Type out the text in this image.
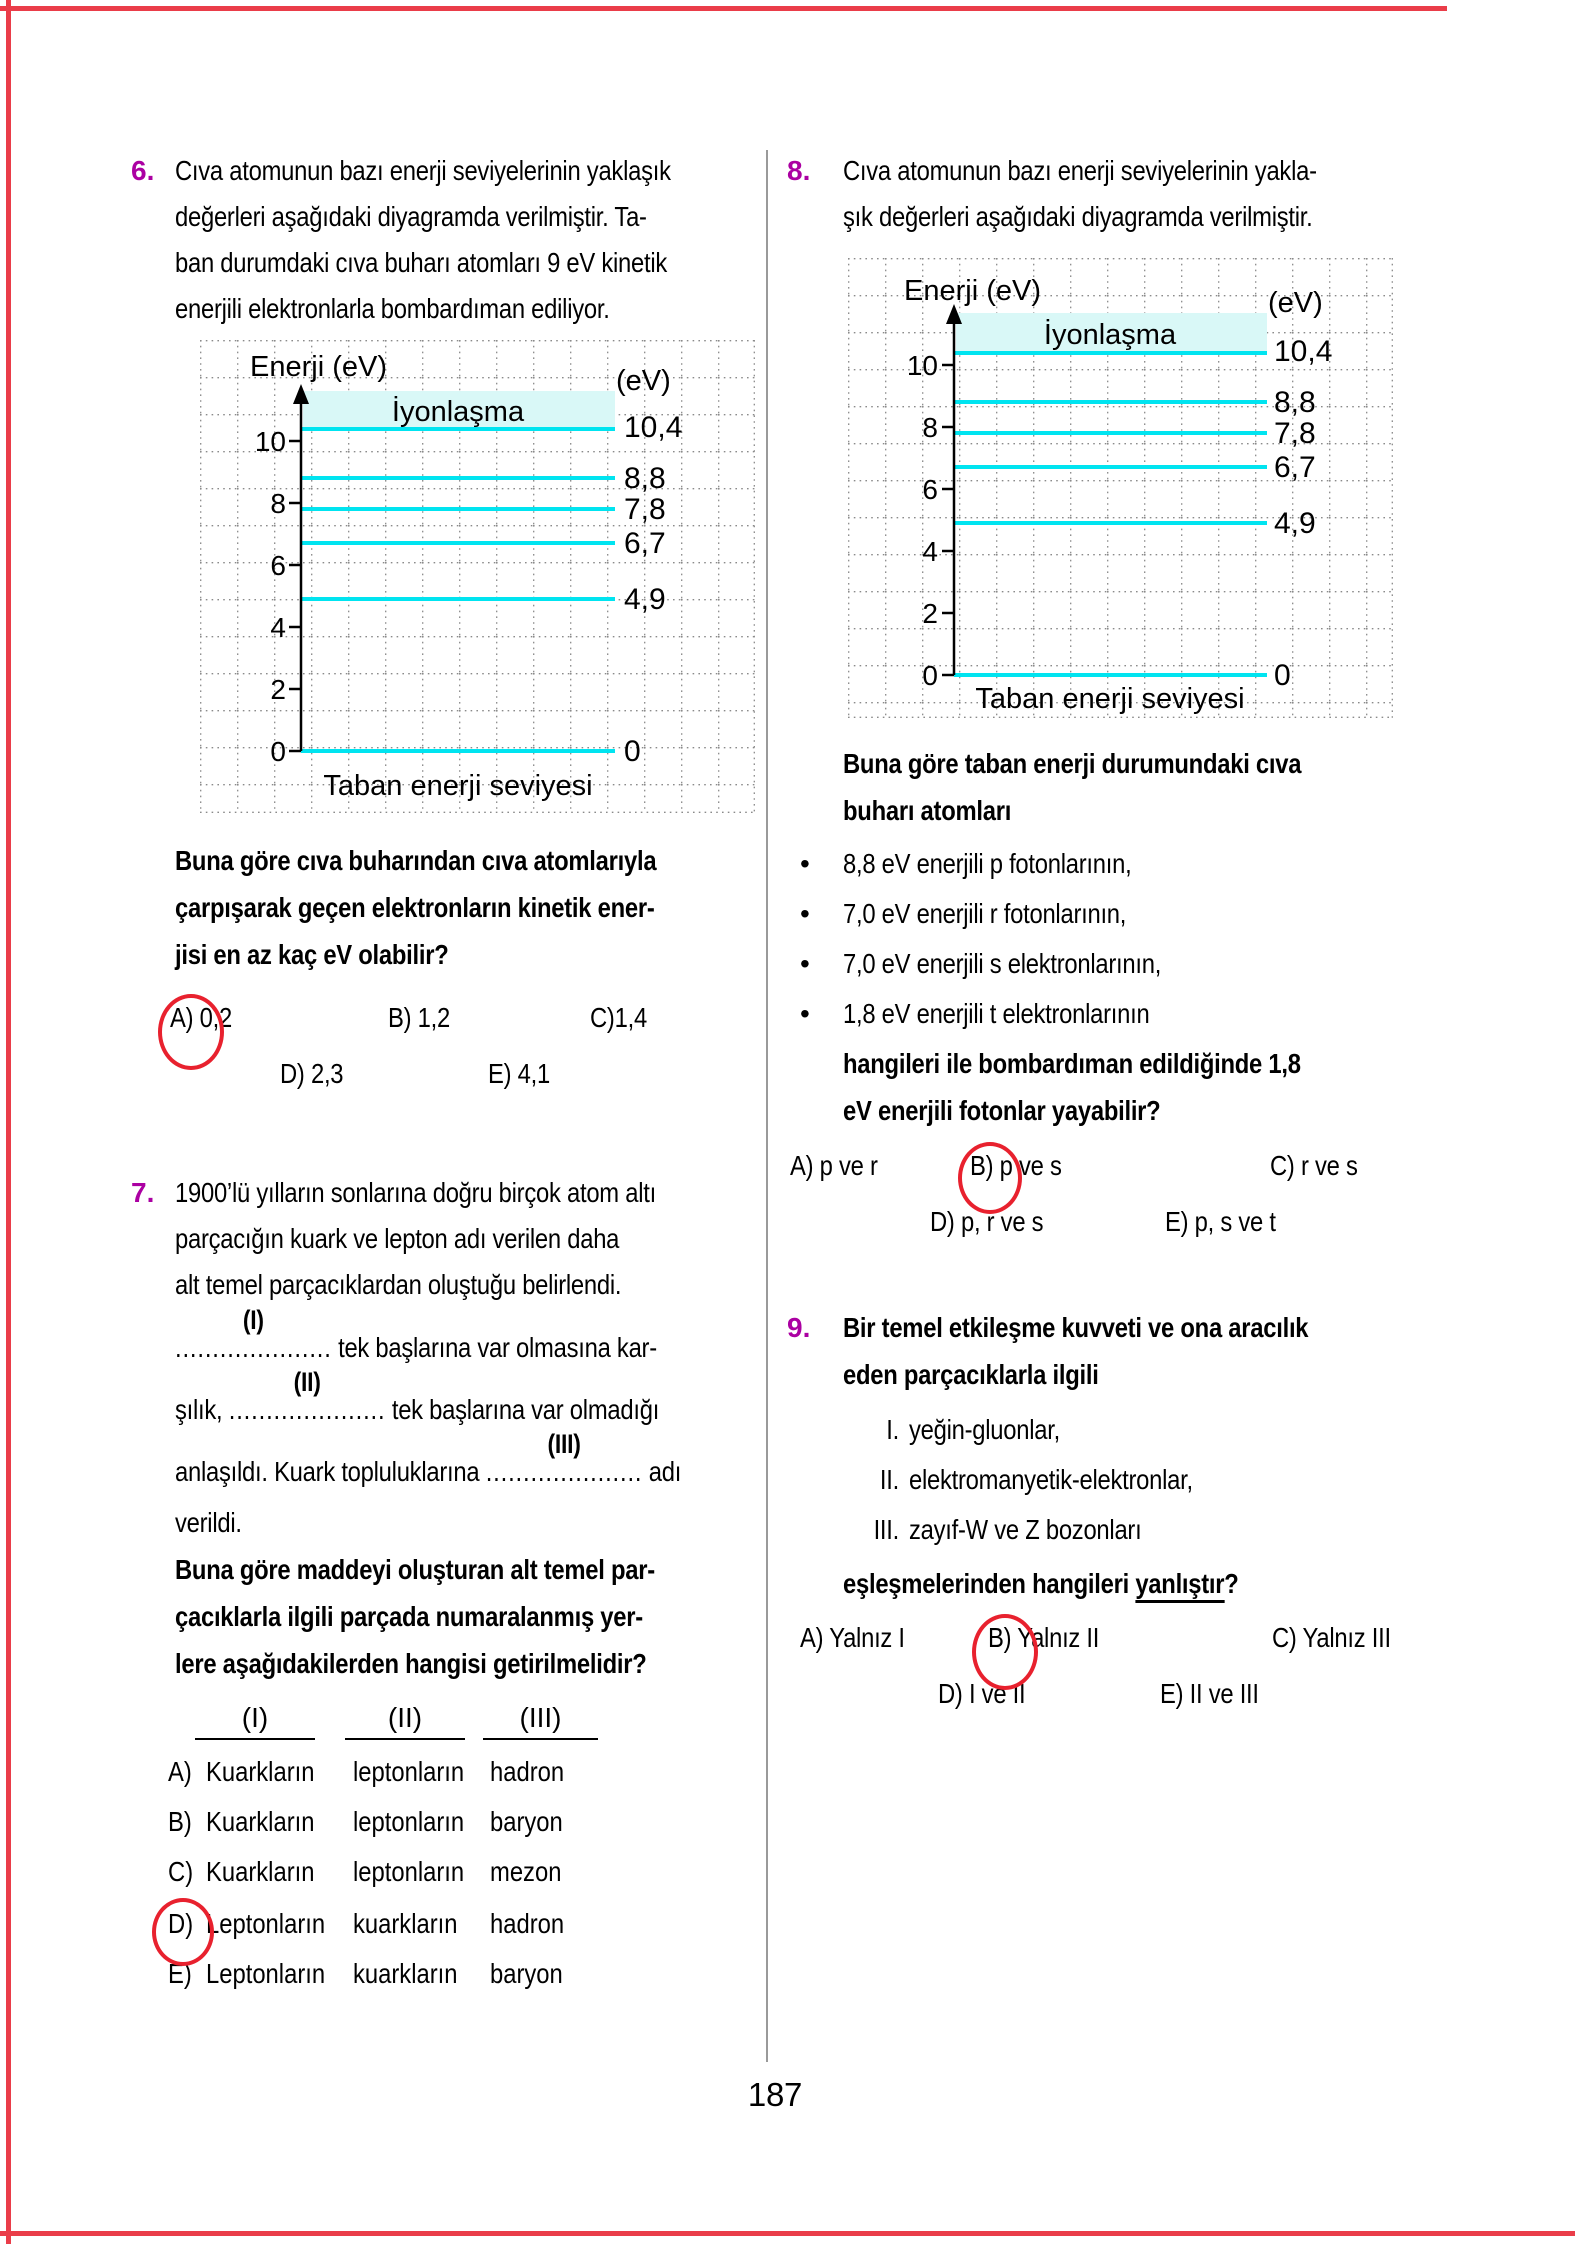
6. Cıva atomunun bazı enerji seviyelerinin yaklaşık
değerleri aşağıdaki diyagramda verilmiştir. Ta-
ban durumdaki cıva buharı atomları 9 eV kinetik
enerjili elektronlarla bombardıman ediliyor.
Enerji (eV)	(eV)
İyonlaşma
0
2
4
6
8
10	10,4
8,8
7,8
6,7
4,9
0
Taban enerji seviyesi
Buna göre cıva buharından cıva atomlarıyla
çarpışarak geçen elektronların kinetik ener-
jisi en az kaç eV olabilir?
A) 0,2	B) 1,2	C)1,4
D) 2,3	E) 4,1
7. 1900’lü yılların sonlarına doğru birçok atom altı
parçacığın kuark ve lepton adı verilen daha
alt temel parçacıklardan oluştuğu belirlendi.
(I)
..................... tek başlarına var olmasına kar-
şılık,
(II)
..................... tek başlarına var olmadığı
anlaşıldı. Kuark topluluklarına
(III)
..................... adı
verildi.
Buna göre maddeyi oluşturan alt temel par-
çacıklarla ilgili parçada numaralanmış yer-
lere aşağıdakilerden hangisi getirilmelidir?
(I)	(II)	(III)
A) Kuarkların leptonların hadron
B) Kuarkların leptonların baryon
C) Kuarkların leptonların mezon
D) Leptonların kuarkların hadron
E) Leptonların kuarkların baryon
8. Cıva atomunun bazı enerji seviyelerinin yakla-
şık değerleri aşağıdaki diyagramda verilmiştir.
Enerji (eV)	(eV)
İyonlaşma
0
2
4
6
8
10	10,4
8,8
7,8
6,7
4,9
0
Taban enerji seviyesi
Buna göre taban enerji durumundaki cıva
buharı atomları
• 8,8 eV enerjili p fotonlarının,
• 7,0 eV enerjili r fotonlarının,
• 7,0 eV enerjili s elektronlarının,
• 1,8 eV enerjili t elektronlarının
hangileri ile bombardıman edildiğinde 1,8
eV enerjili fotonlar yayabilir?
A) p ve r	B) p ve s	C) r ve s
D) p, r ve s	E) p, s ve t
9. Bir temel etkileşme kuvveti ve ona aracılık
eden parçacıklarla ilgili
I. yeğin-gluonlar,
II. elektromanyetik-elektronlar,
III. zayıf-W ve Z bozonları
eşleşmelerinden hangileri yanlıştır?
A) Yalnız I	B) Yalnız II	C) Yalnız III
D) I ve II	E) II ve III
187
